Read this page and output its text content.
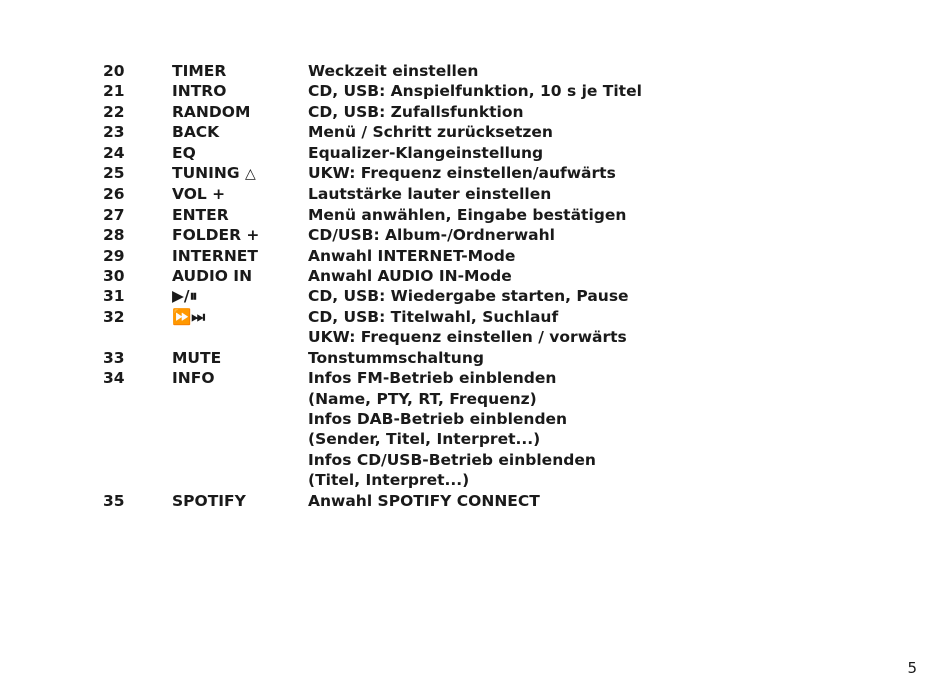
20	TIMER	Weckzeit einstellen
21	INTRO	CD, USB: Anspielfunktion, 10 s je Titel
22	RANDOM	CD, USB: Zufallsfunktion
23	BACK	Menü / Schritt zurücksetzen
24	EQ	Equalizer-Klangeinstellung
25	TUNING △	UKW: Frequenz einstellen/aufwärts
26	VOL +	Lautstärke lauter einstellen
27	ENTER	Menü anwählen, Eingabe bestätigen
28	FOLDER +	CD/USB: Album-/Ordnerwahl
29	INTERNET	Anwahl INTERNET-Mode
30	AUDIO IN	Anwahl AUDIO IN-Mode
31	▶/⏸	CD, USB: Wiedergabe starten, Pause
32	⏩⏭	CD, USB: Titelwahl, Suchlauf
UKW: Frequenz einstellen / vorwärts
33	MUTE	Tonstummschaltung
34	INFO	Infos FM-Betrieb einblenden
(Name, PTY, RT, Frequenz)
Infos DAB-Betrieb einblenden
(Sender, Titel, Interpret...)
Infos CD/USB-Betrieb einblenden
(Titel, Interpret...)
35	SPOTIFY	Anwahl SPOTIFY CONNECT
5
